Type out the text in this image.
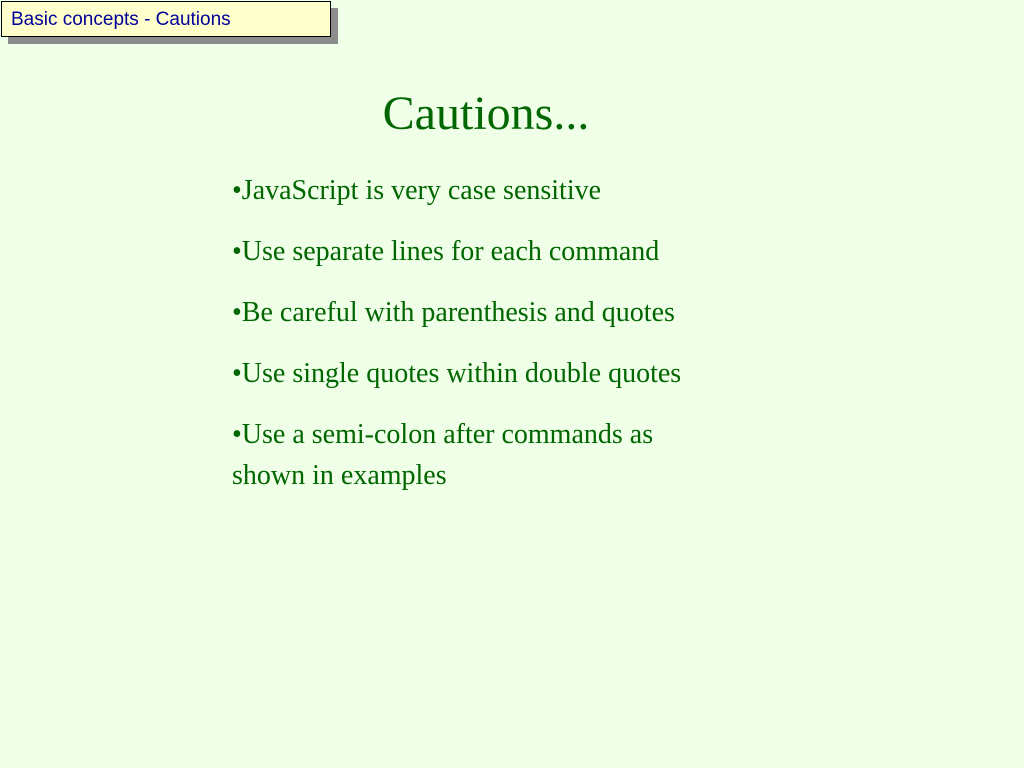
Basic concepts - Cautions
Cautions...
•JavaScript is very case sensitive
•Use separate lines for each command
•Be careful with parenthesis and quotes
•Use single quotes within double quotes
•Use a semi-colon after commands as shown in examples
